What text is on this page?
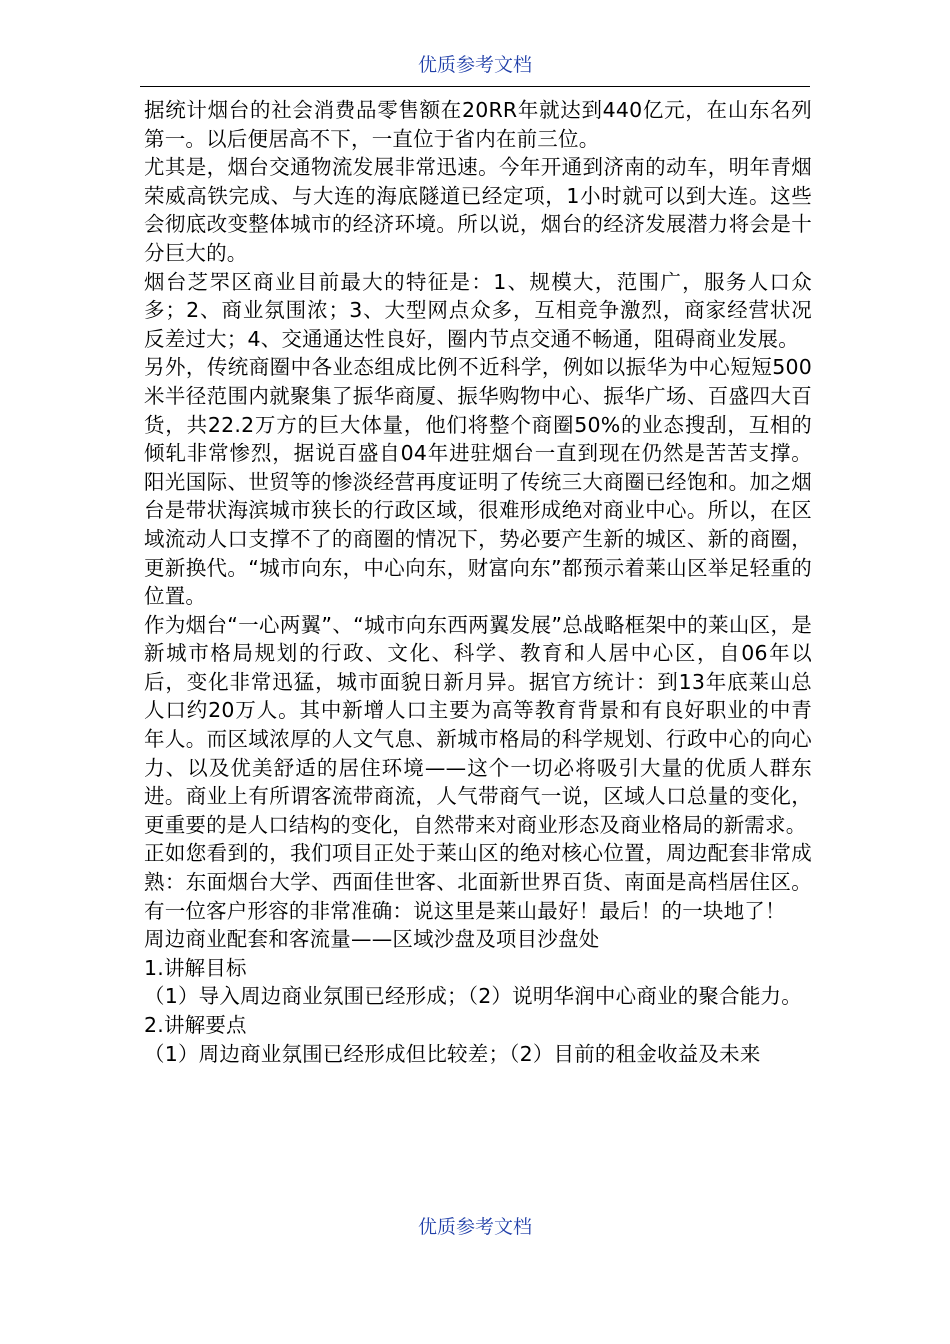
优质参考文档

据统计烟台的社会消费品零售额在20RR年就达到440亿元，在山东名列第一。以后便居高不下，一直位于省内在前三位。

尤其是，烟台交通物流发展非常迅速。今年开通到济南的动车，明年青烟荣威高铁完成、与大连的海底隧道已经定项，1小时就可以到大连。这些会彻底改变整体城市的经济环境。所以说，烟台的经济发展潜力将会是十分巨大的。

烟台芝罘区商业目前最大的特征是：1、规模大，范围广，服务人口众多；2、商业氛围浓；3、大型网点众多，互相竞争激烈，商家经营状况反差过大；4、交通通达性良好，圈内节点交通不畅通，阻碍商业发展。

另外，传统商圈中各业态组成比例不近科学，例如以振华为中心短短500米半径范围内就聚集了振华商厦、振华购物中心、振华广场、百盛四大百货，共22.2万方的巨大体量，他们将整个商圈50%的业态搜刮，互相的倾轧非常惨烈，据说百盛自04年进驻烟台一直到现在仍然是苦苦支撑。阳光国际、世贸等的惨淡经营再度证明了传统三大商圈已经饱和。加之烟台是带状海滨城市狭长的行政区域，很难形成绝对商业中心。所以，在区域流动人口支撑不了的商圈的情况下，势必要产生新的城区、新的商圈，更新换代。“城市向东，中心向东，财富向东”都预示着莱山区举足轻重的位置。

作为烟台“一心两翼”、“城市向东西两翼发展”总战略框架中的莱山区，是新城市格局规划的行政、文化、科学、教育和人居中心区，自06年以后，变化非常迅猛，城市面貌日新月异。据官方统计：到13年底莱山总人口约20万人。其中新增人口主要为高等教育背景和有良好职业的中青年人。而区域浓厚的人文气息、新城市格局的科学规划、行政中心的向心力、以及优美舒适的居住环境——这个一切必将吸引大量的优质人群东进。商业上有所谓客流带商流，人气带商气一说，区域人口总量的变化，更重要的是人口结构的变化，自然带来对商业形态及商业格局的新需求。

正如您看到的，我们项目正处于莱山区的绝对核心位置，周边配套非常成熟：东面烟台大学、西面佳世客、北面新世界百货、南面是高档居住区。有一位客户形容的非常准确：说这里是莱山最好！最后！的一块地了！

周边商业配套和客流量——区域沙盘及项目沙盘处

1.讲解目标

（1）导入周边商业氛围已经形成；（2）说明华润中心商业的聚合能力。

2.讲解要点

（1）周边商业氛围已经形成但比较差；（2）目前的租金收益及未来

优质参考文档
